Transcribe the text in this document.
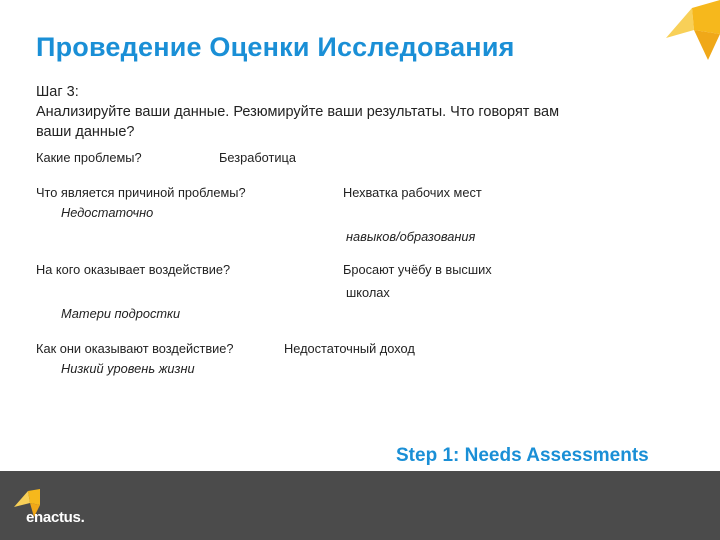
Проведение Оценки Исследования
Шаг 3:
Анализируйте ваши данные. Резюмируйте ваши результаты. Что говорят вам ваши данные?
Какие проблемы?	Безработица
Что является причиной проблемы?	Нехватка рабочих мест
Недостаточно
навыков/образования
На кого оказывает воздействие?	Бросают учёбу в высших
школах
Матери подростки
Как они оказывают воздействие?	Недостаточный доход
Низкий уровень жизни
Step 1: Needs Assessments
enactus.
